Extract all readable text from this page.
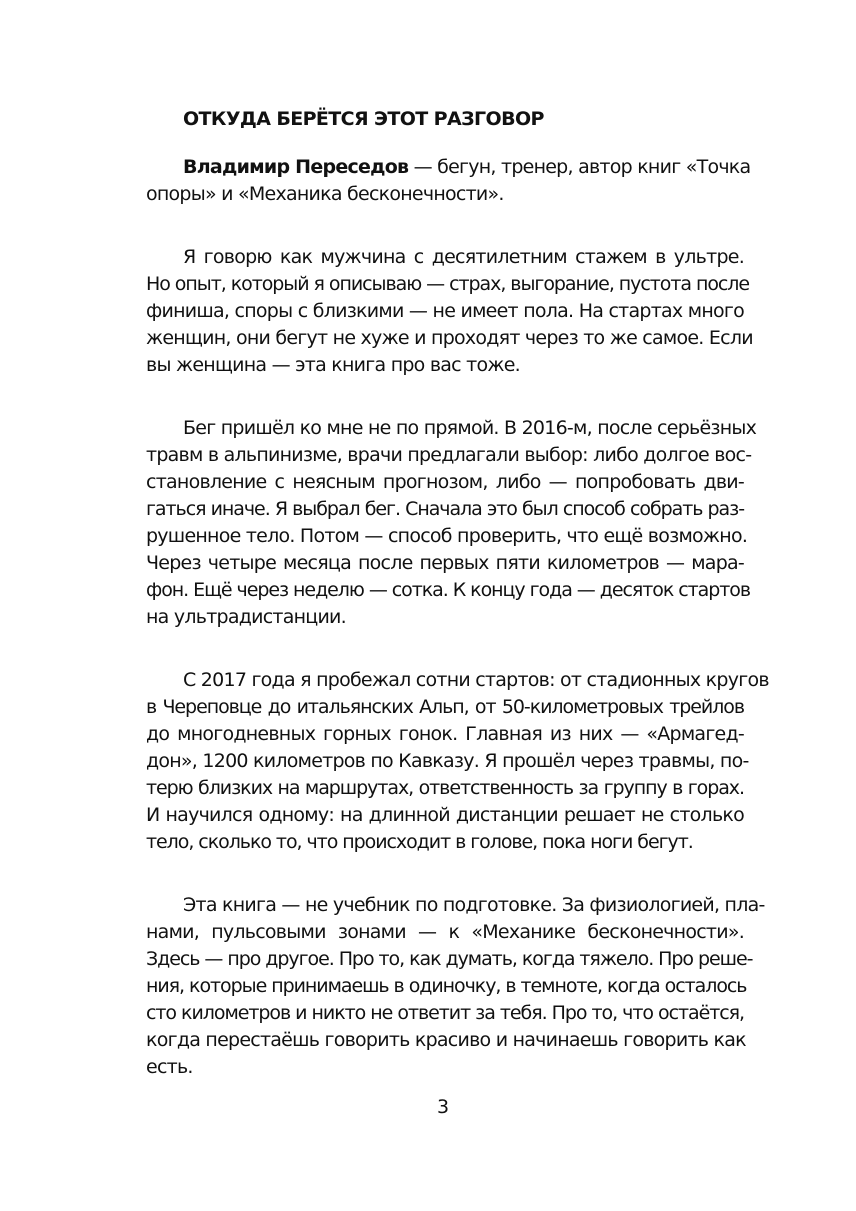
ОТКУДА БЕРЁТСЯ ЭТОТ РАЗГОВОР

Владимир Переседов — бегун, тренер, автор книг «Точка
опоры» и «Механика бесконечности».

Я говорю как мужчина с десятилетним стажем в ультре.
Но опыт, который я описываю — страх, выгорание, пустота после
финиша, споры с близкими — не имеет пола. На стартах много
женщин, они бегут не хуже и проходят через то же самое. Если
вы женщина — эта книга про вас тоже.

Бег пришёл ко мне не по прямой. В 2016-м, после серьёзных
травм в альпинизме, врачи предлагали выбор: либо долгое вос-
становление с неясным прогнозом, либо — попробовать дви-
гаться иначе. Я выбрал бег. Сначала это был способ собрать раз-
рушенное тело. Потом — способ проверить, что ещё возможно.
Через четыре месяца после первых пяти километров — мара-
фон. Ещё через неделю — сотка. К концу года — десяток стартов
на ультрадистанции.

С 2017 года я пробежал сотни стартов: от стадионных кругов
в Череповце до итальянских Альп, от 50-километровых трейлов
до многодневных горных гонок. Главная из них — «Армагед-
дон», 1200 километров по Кавказу. Я прошёл через травмы, по-
терю близких на маршрутах, ответственность за группу в горах.
И научился одному: на длинной дистанции решает не столько
тело, сколько то, что происходит в голове, пока ноги бегут.

Эта книга — не учебник по подготовке. За физиологией, пла-
нами, пульсовыми зонами — к «Механике бесконечности».
Здесь — про другое. Про то, как думать, когда тяжело. Про реше-
ния, которые принимаешь в одиночку, в темноте, когда осталось
сто километров и никто не ответит за тебя. Про то, что остаётся,
когда перестаёшь говорить красиво и начинаешь говорить как
есть.

3
